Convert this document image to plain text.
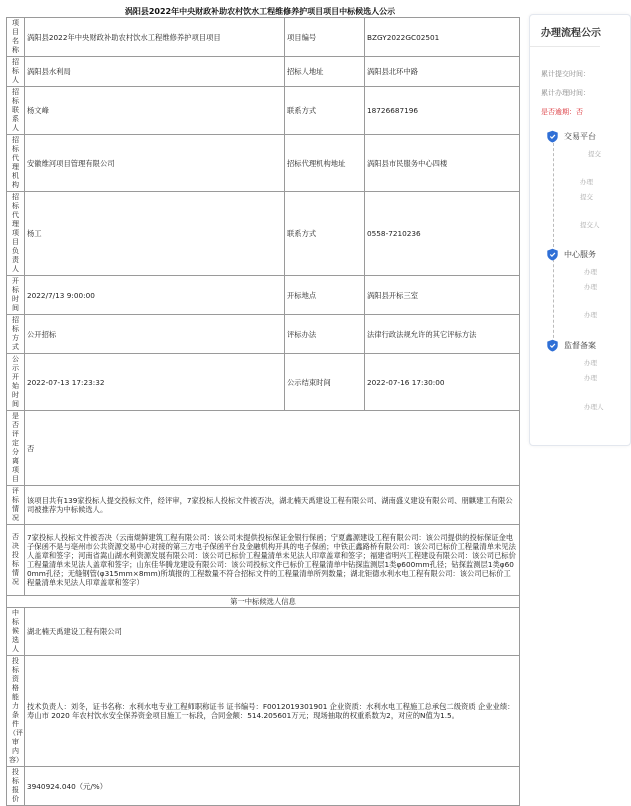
涡阳县2022年中央财政补助农村饮水工程维修养护项目项目中标候选人公示
项目名称	涡阳县2022年中央财政补助农村饮水工程维修养护项目项目	项目编号	BZGY2022GC02501
招标人	涡阳县水利局	招标人地址	涡阳县北环中路
招标联系人	杨文峰	联系方式	18726687196
招标代理机构	安徽维河项目管理有限公司	招标代理机构地址	涡阳县市民服务中心四楼
招标代理项目负责人	杨工	联系方式	0558-7210236
开标时间	2022/7/13 9:00:00	开标地点	涡阳县开标三室
招标方式	公开招标	评标办法	法律行政法规允许的其它评标方法
公示开始时间	2022-07-13 17:23:32	公示结束时间	2022-07-16 17:30:00
是否评定分离项目	否		
评标情况	该项目共有139家投标人提交投标文件，经评审，7家投标人投标文件被否决，湖北楠天禹建设工程有限公司、湖南盛义建设有限公司、朋麒建工有限公司被推荐为中标候选人。		
否决投标情况	7家投标人投标文件被否决（云南焜鲜建筑工程有限公司：该公司未提供投标保证金银行保函；宁夏鑫源建设工程有限公司：该公司提供的投标保证金电子保函不是与亳州市公共资源交易中心对接的第三方电子保函平台及金融机构开具的电子保函；中铁正鑫路桥有限公司：该公司已标价工程量清单未见法人盖章和签字；河南省嵩山湖水利资源发展有限公司：该公司已标价工程量清单未见法人印章盖章和签字；福建省明兴工程建设有限公司：该公司已标价工程量清单未见法人盖章和签字；山东佳华腾龙建设有限公司：该公司投标文件已标价工程量清单中钻探监测层1类φ600mm孔径；钻探监测层1类φ600mm孔径；无缝钢管(φ315mm×8mm)所填报的工程数量不符合招标文件的工程量清单所列数量；湖北钜德水利水电工程有限公司：该公司已标价工程量清单未见法人印章盖章和签字）		
第一中标候选人信息			
中标候选人	湖北楠天禹建设工程有限公司		
投标资格能力条件（评审内容）	技术负责人：刘冬，证书名称：水利水电专业工程师职称证书 证书编号：F0012019301901 企业资质：水利水电工程施工总承包二级资质 企业业绩：寿山市 2020 年农村饮水安全保养资金项目施工一标段，合同金额：514.205601万元；现场抽取的权重系数为2，对应的N值为1.5。		
投标报价	3940924.040（元/%）		
办理流程公示
累计提交时间：
累计办理时间：
是否逾期：否
交易平台
提交
办理
提交
提交人
中心服务
办理
办理
办理
监督备案
办理
办理
办理人
